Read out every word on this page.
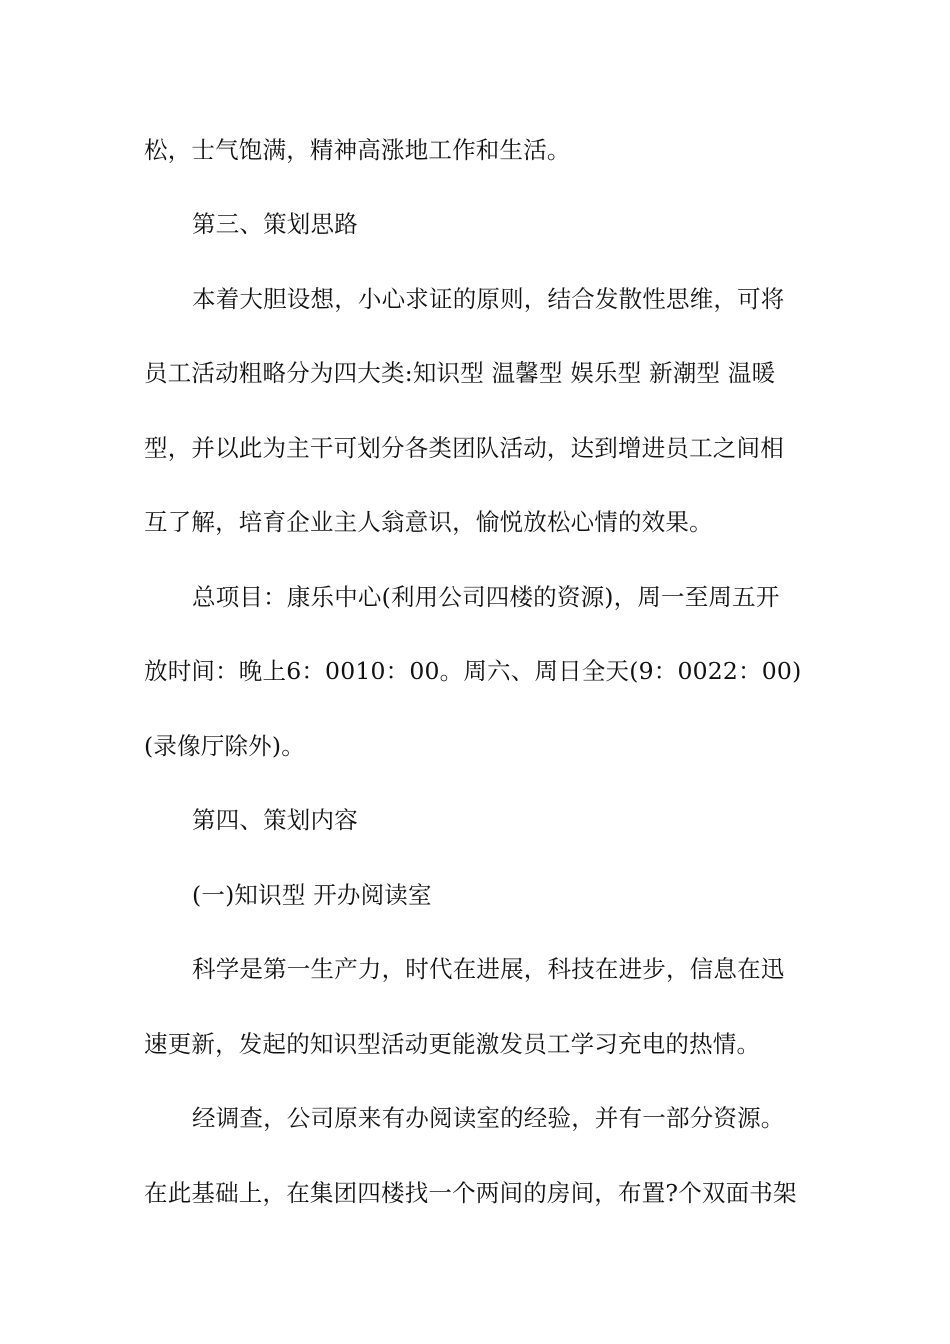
松，士气饱满，精神高涨地工作和生活。
第三、策划思路
本着大胆设想，小心求证的原则，结合发散性思维，可将
员工活动粗略分为四大类:知识型 温馨型 娱乐型 新潮型 温暖
型，并以此为主干可划分各类团队活动，达到增进员工之间相
互了解，培育企业主人翁意识，愉悦放松心情的效果。
总项目：康乐中心(利用公司四楼的资源)，周一至周五开
放时间：晚上6：0010：00。周六、周日全天(9：0022：00)
(录像厅除外)。
第四、策划内容
(一)知识型 开办阅读室
科学是第一生产力，时代在进展，科技在进步，信息在迅
速更新，发起的知识型活动更能激发员工学习充电的热情。
经调查，公司原来有办阅读室的经验，并有一部分资源。
在此基础上，在集团四楼找一个两间的房间，布置?个双面书架
